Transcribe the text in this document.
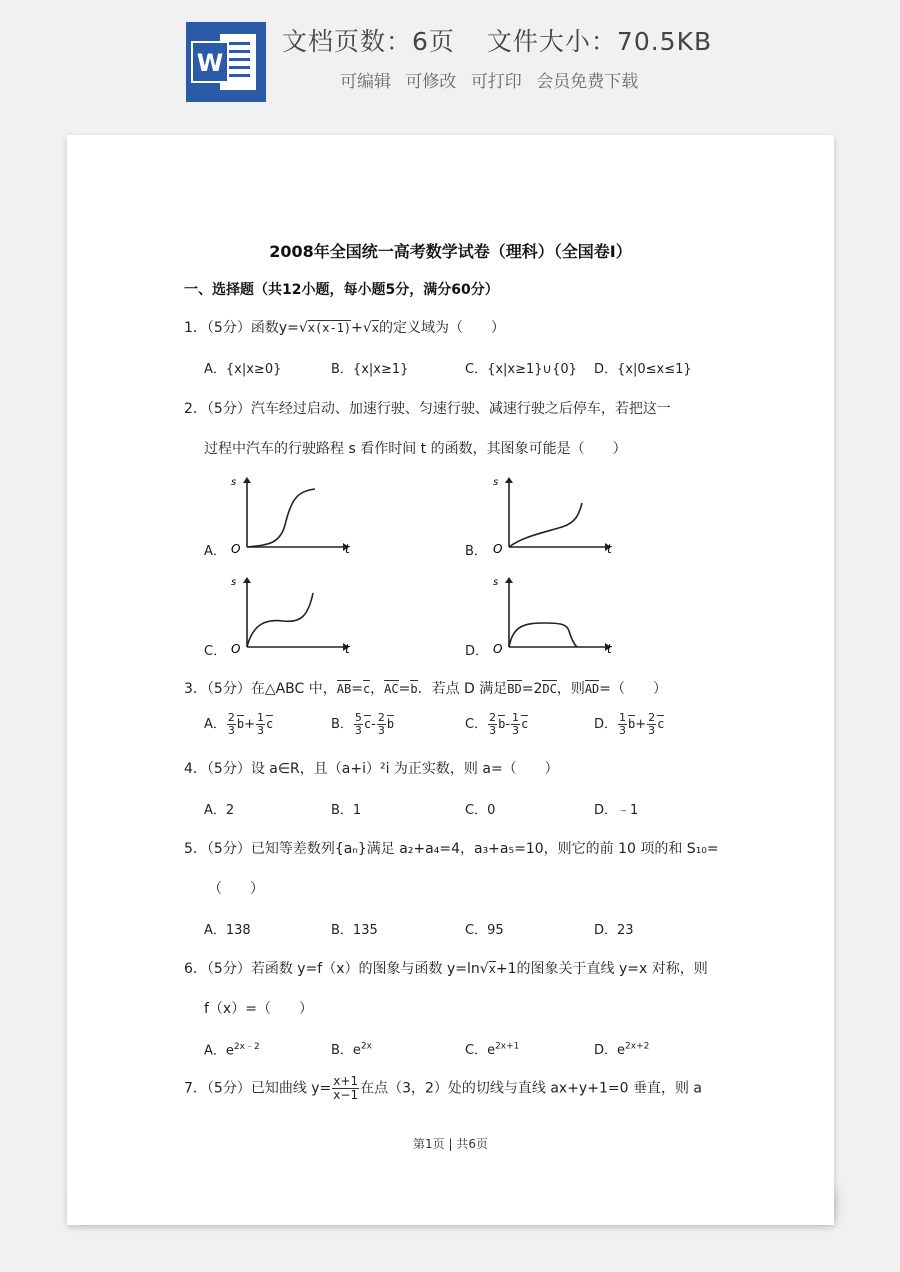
W
文档页数：6页 文件大小：70.5KB
可编辑 可修改 可打印 会员免费下载
2008年全国统一高考数学试卷（理科）（全国卷Ⅰ）
一、选择题（共12小题，每小题5分，满分60分）
1．（5分）函数y=√x(x-1)+√x的定义域为（　　）
A．{x|x≥0}	B．{x|x≥1}	C．{x|x≥1}∪{0} D．{x|0≤x≤1}
2．（5分）汽车经过启动、加速行驶、匀速行驶、减速行驶之后停车，若把这一
过程中汽车的行驶路程 s 看作时间 t 的函数，其图象可能是（　　）
A．
s
O	t	B．
s
O	t
C．
s
O	t	D．
s
O	t
3．（5分）在△ABC 中，AB=c，AC=b．若点 D 满足BD=2DC，则AD=（　　）
A． $\frac{2}{3} b+ \frac{1}{3}$ c	B． $\frac{5}{3} c- \frac{2}{3}$ b	C． $\frac{2}{3} b- \frac{1}{3}$ c	D． $\frac{1}{3} b+ \frac{2}{3}$ c
4．（5分）设 a∈R，且（a+i）²i 为正实数，则 a=（　　）
A．2	B．1	C．0	D．﹣1
5．（5分）已知等差数列{aₙ}满足 a₂+a₄=4，a₃+a₅=10，则它的前 10 项的和 S₁₀=
（　　）
A．138	B．135	C．95	D．23
6．（5分）若函数 y=f（x）的图象与函数 y=ln√x+1的图象关于直线 y=x 对称，则
f（x）=（　　）
A．$e^{2x﹣2}$	B．$e^{2x}$	C．$e^{2x+1}$	D．$e^{2x+2}$
7．（5分）已知曲线 $y= \frac{x+1}{x-1}$ 在点（3，2）处的切线与直线 ax+y+1=0 垂直，则 a
第1页 | 共6页
